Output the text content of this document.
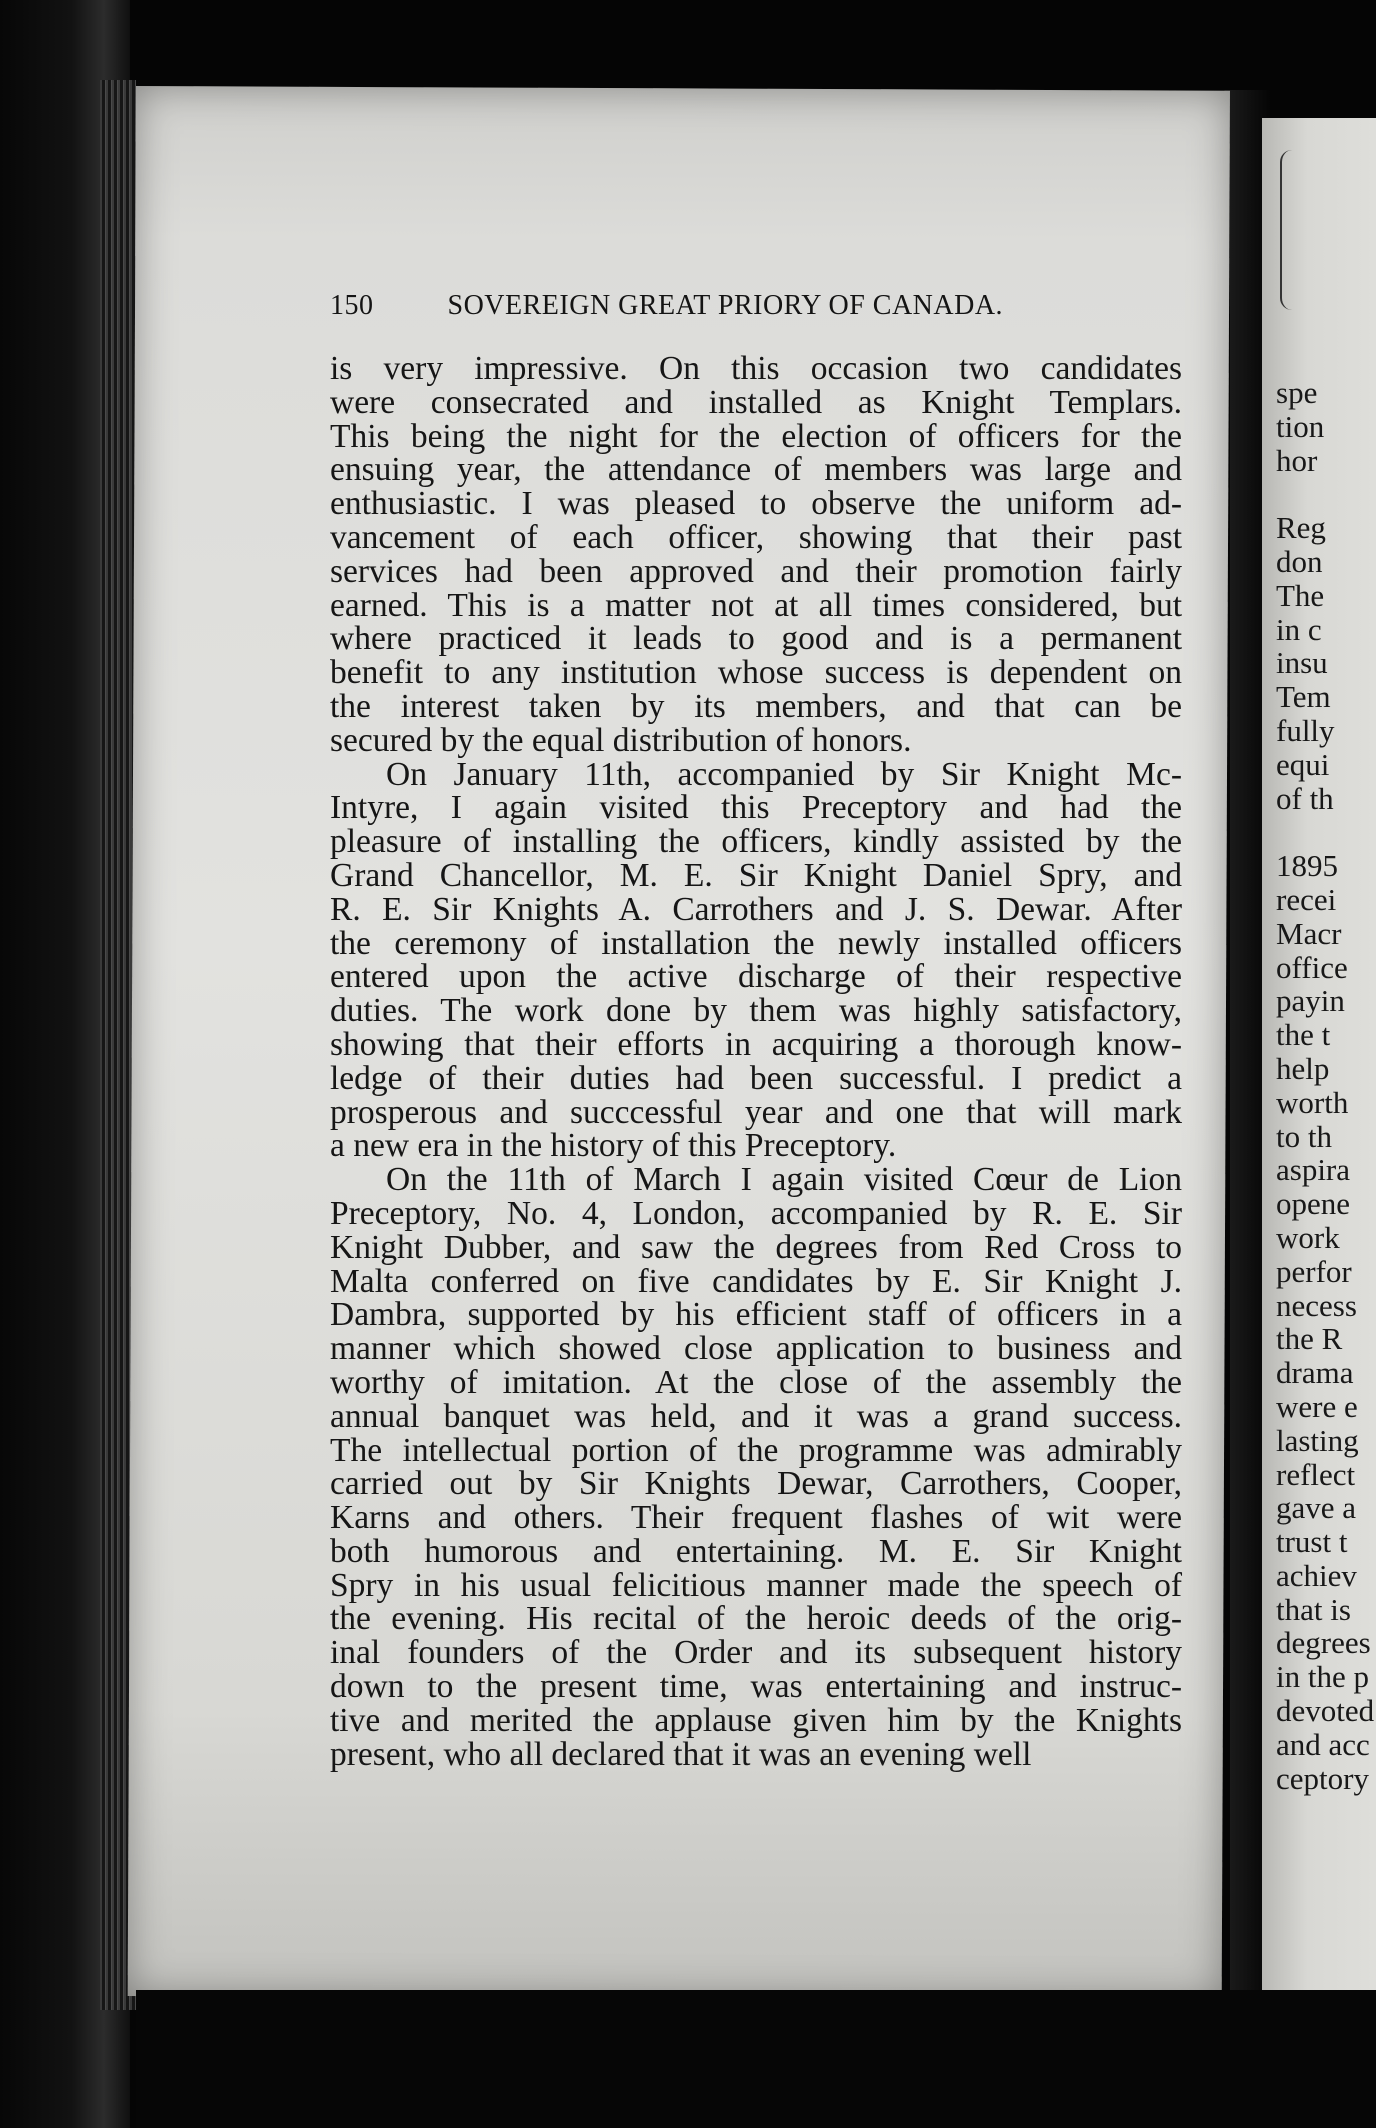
150	SOVEREIGN GREAT PRIORY OF CANADA.
is very impressive. On this occasion two candidates
were consecrated and installed as Knight Templars.
This being the night for the election of officers for the
ensuing year, the attendance of members was large and
enthusiastic. I was pleased to observe the uniform ad-
vancement of each officer, showing that their past
services had been approved and their promotion fairly
earned. This is a matter not at all times considered, but
where practiced it leads to good and is a permanent
benefit to any institution whose success is dependent on
the interest taken by its members, and that can be
secured by the equal distribution of honors.
On January 11th, accompanied by Sir Knight Mc-
Intyre, I again visited this Preceptory and had the
pleasure of installing the officers, kindly assisted by the
Grand Chancellor, M. E. Sir Knight Daniel Spry, and
R. E. Sir Knights A. Carrothers and J. S. Dewar. After
the ceremony of installation the newly installed officers
entered upon the active discharge of their respective
duties. The work done by them was highly satisfactory,
showing that their efforts in acquiring a thorough know-
ledge of their duties had been successful. I predict a
prosperous and succcessful year and one that will mark
a new era in the history of this Preceptory.
On the 11th of March I again visited Cœur de Lion
Preceptory, No. 4, London, accompanied by R. E. Sir
Knight Dubber, and saw the degrees from Red Cross to
Malta conferred on five candidates by E. Sir Knight J.
Dambra, supported by his efficient staff of officers in a
manner which showed close application to business and
worthy of imitation. At the close of the assembly the
annual banquet was held, and it was a grand success.
The intellectual portion of the programme was admirably
carried out by Sir Knights Dewar, Carrothers, Cooper,
Karns and others. Their frequent flashes of wit were
both humorous and entertaining. M. E. Sir Knight
Spry in his usual felicitious manner made the speech of
the evening. His recital of the heroic deeds of the orig-
inal founders of the Order and its subsequent history
down to the present time, was entertaining and instruc-
tive and merited the applause given him by the Knights
present, who all declared that it was an evening well
spe
tion
hor
Reg
don
The
in c
insu
Tem
fully
equi
of th
1895
recei
Macr
office
payin
the t
help
worth
to th
aspira
opene
work
perfor
necess
the R
drama
were e
lasting
reflect
gave a
trust t
achiev
that is
degrees
in the p
devoted
and acc
ceptory
